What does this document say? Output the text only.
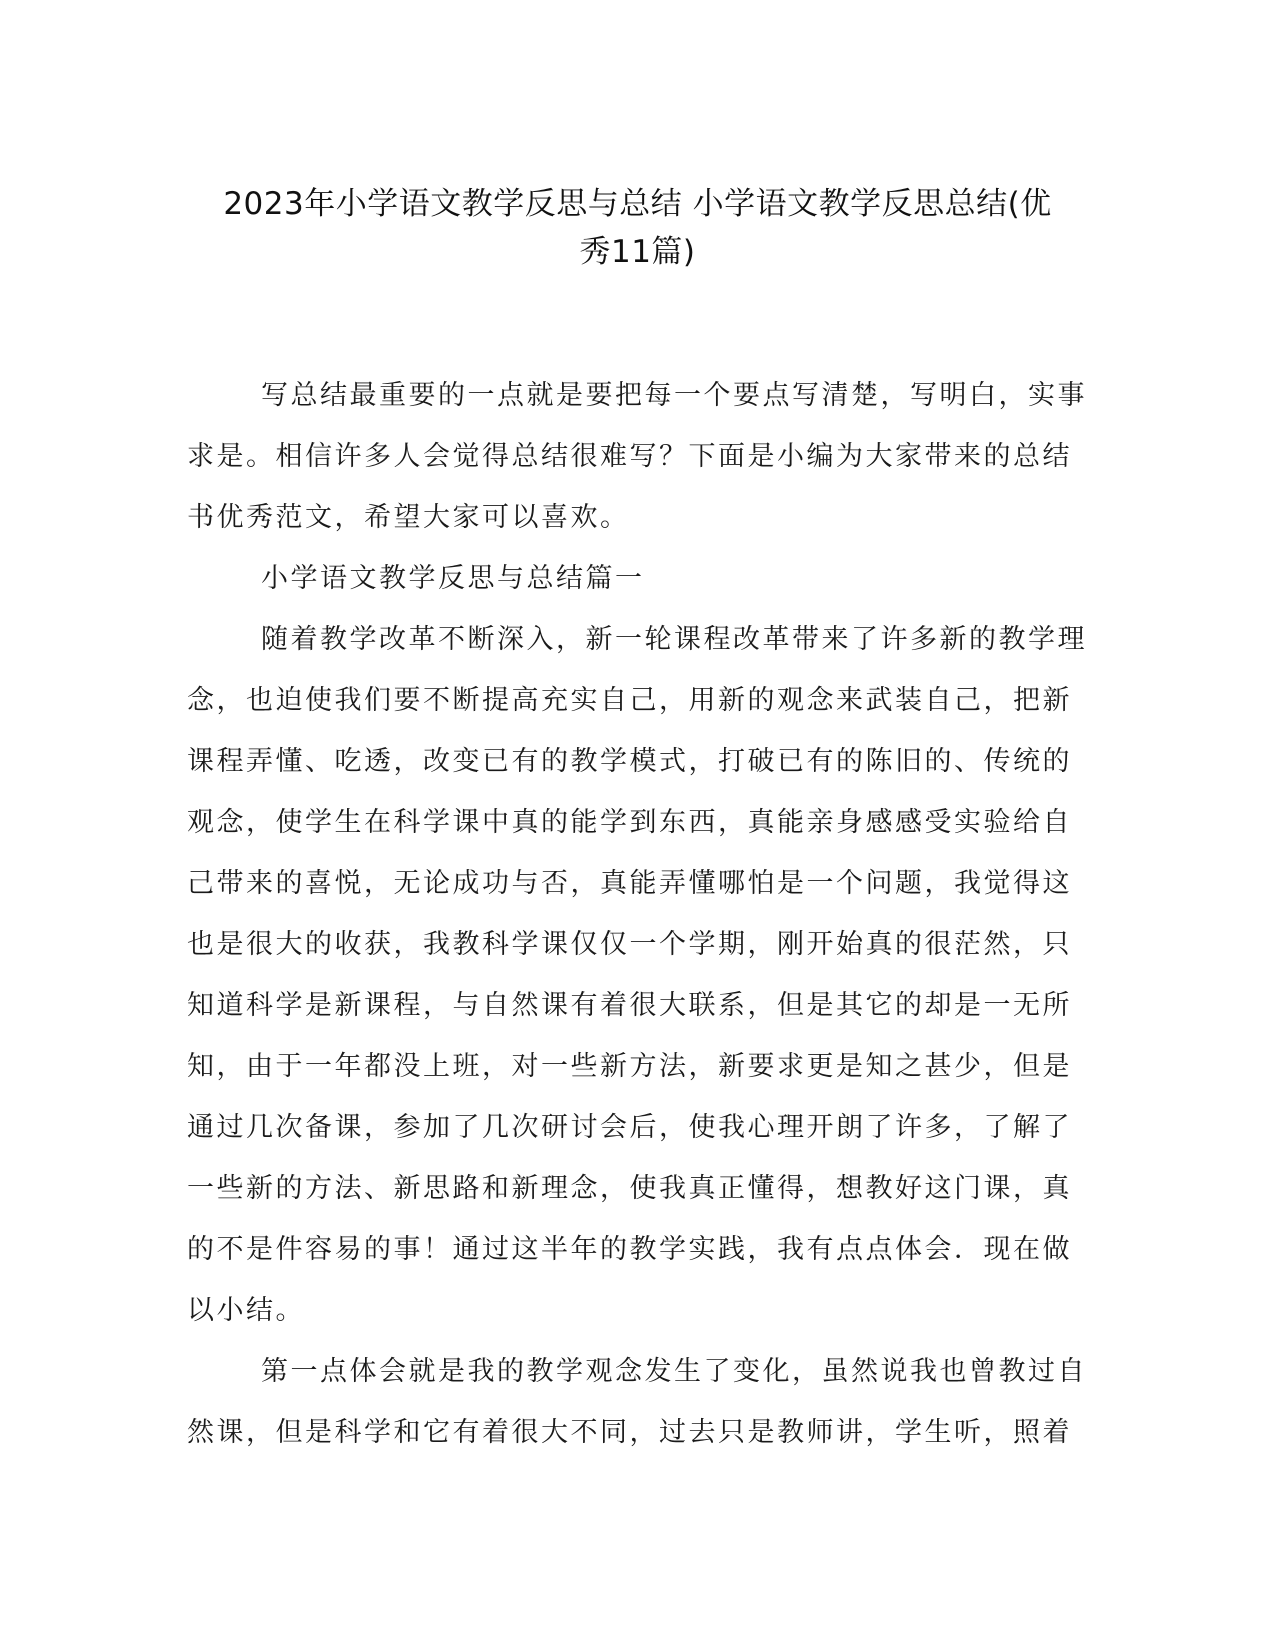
2023年小学语文教学反思与总结 小学语文教学反思总结(优
秀11篇)
写总结最重要的一点就是要把每一个要点写清楚，写明白，实事
求是。相信许多人会觉得总结很难写？下面是小编为大家带来的总结
书优秀范文，希望大家可以喜欢。
小学语文教学反思与总结篇一
随着教学改革不断深入，新一轮课程改革带来了许多新的教学理
念，也迫使我们要不断提高充实自己，用新的观念来武装自己，把新
课程弄懂、吃透，改变已有的教学模式，打破已有的陈旧的、传统的
观念，使学生在科学课中真的能学到东西，真能亲身感感受实验给自
己带来的喜悦，无论成功与否，真能弄懂哪怕是一个问题，我觉得这
也是很大的收获，我教科学课仅仅一个学期，刚开始真的很茫然，只
知道科学是新课程，与自然课有着很大联系，但是其它的却是一无所
知，由于一年都没上班，对一些新方法，新要求更是知之甚少，但是
通过几次备课，参加了几次研讨会后，使我心理开朗了许多，了解了
一些新的方法、新思路和新理念，使我真正懂得，想教好这门课，真
的不是件容易的事！通过这半年的教学实践，我有点点体会．现在做
以小结。
第一点体会就是我的教学观念发生了变化，虽然说我也曾教过自
然课，但是科学和它有着很大不同，过去只是教师讲，学生听，照着
